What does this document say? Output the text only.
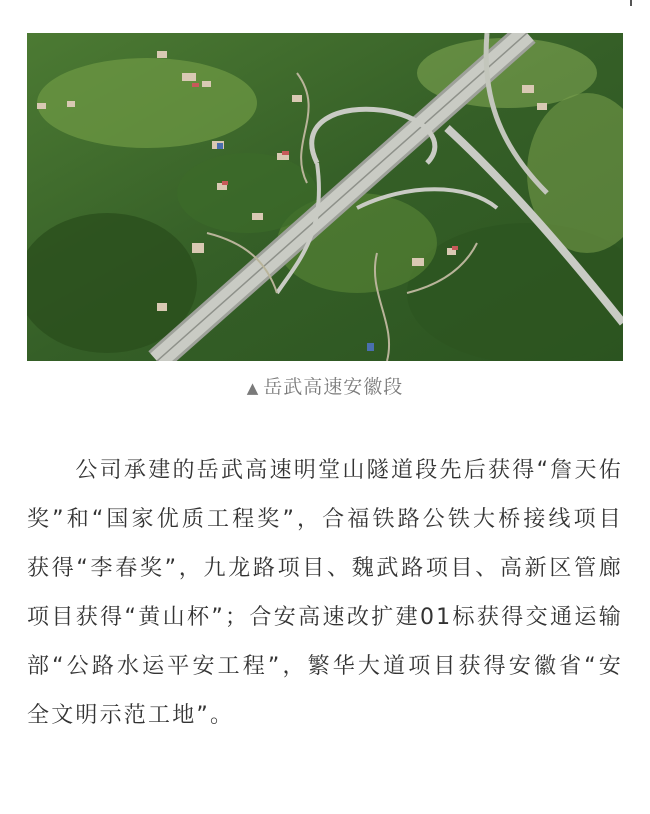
▲ 岳武高速安徽段

公司承建的岳武高速明堂山隧道段先后获得“詹天佑奖”和“国家优质工程奖”，合福铁路公铁大桥接线项目获得“李春奖”，九龙路项目、魏武路项目、高新区管廊项目获得“黄山杯”；合安高速改扩建01标获得交通运输部“公路水运平安工程”，繁华大道项目获得安徽省“安全文明示范工地”。
